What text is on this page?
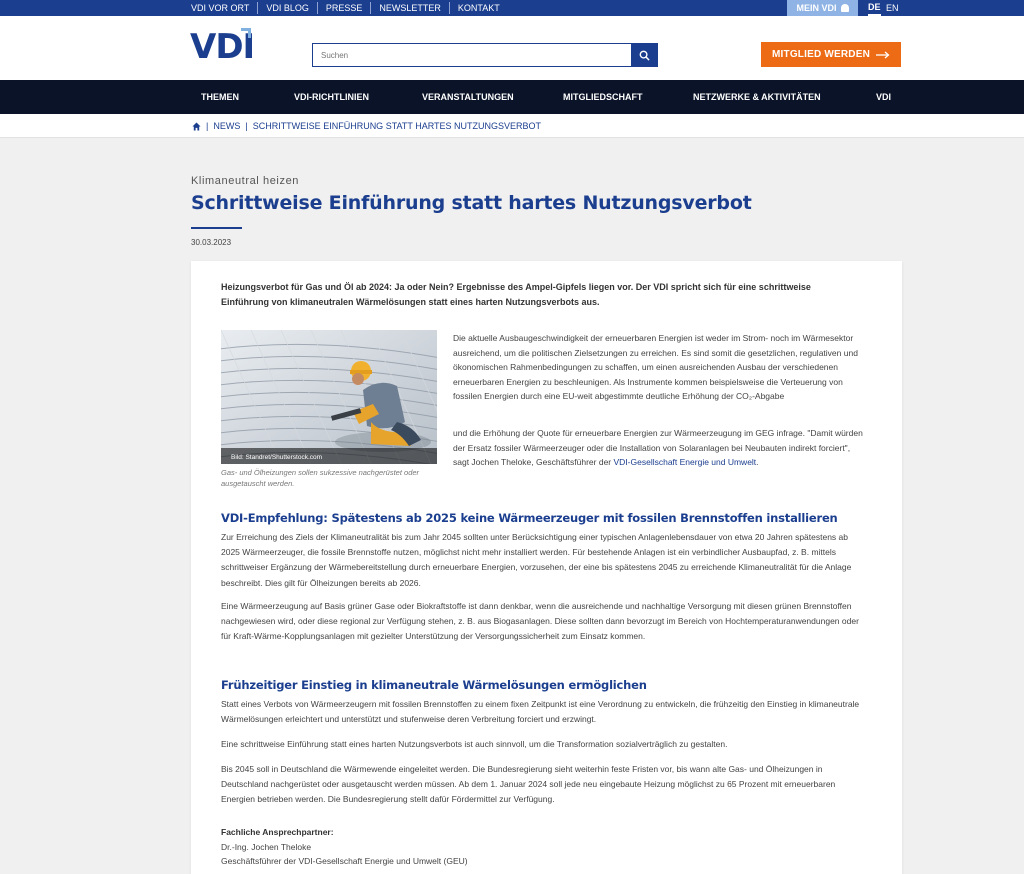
VDI VOR ORT	VDI BLOG	PRESSE	NEWSLETTER	KONTAKT	MEIN VDI	DE EN
VDI
Suchen	MITGLIED WERDEN
THEMEN	VDI-RICHTLINIEN	VERANSTALTUNGEN	MITGLIEDSCHAFT	NETZWERKE & AKTIVITÄTEN	VDI
| NEWS | SCHRITTWEISE EINFÜHRUNG STATT HARTES NUTZUNGSVERBOT
Klimaneutral heizen
Schrittweise Einführung statt hartes Nutzungsverbot
30.03.2023

Heizungsverbot für Gas und Öl ab 2024: Ja oder Nein? Ergebnisse des Ampel-Gipfels liegen vor. Der VDI spricht sich für eine schrittweise Einführung von klimaneutralen Wärmelösungen statt eines harten Nutzungsverbots aus.

Bild: Standret/Shutterstock.com

Gas- und Ölheizungen sollen sukzessive nachgerüstet oder ausgetauscht werden.

Die aktuelle Ausbaugeschwindigkeit der erneuerbaren Energien ist weder im Strom- noch im Wärmesektor ausreichend, um die politischen Zielsetzungen zu erreichen. Es sind somit die gesetzlichen, regulativen und ökonomischen Rahmenbedingungen zu schaffen, um einen ausreichenden Ausbau der verschiedenen erneuerbaren Energien zu beschleunigen. Als Instrumente kommen beispielsweise die Verteuerung von fossilen Energien durch eine EU-weit abgestimmte deutliche Erhöhung der CO₂-Abgabe

und die Erhöhung der Quote für erneuerbare Energien zur Wärmeerzeugung im GEG infrage. "Damit würden der Ersatz fossiler Wärmeerzeuger oder die Installation von Solaranlagen bei Neubauten indirekt forciert", sagt Jochen Theloke, Geschäftsführer der VDI-Gesellschaft Energie und Umwelt.

VDI-Empfehlung: Spätestens ab 2025 keine Wärmeerzeuger mit fossilen Brennstoffen installieren

Zur Erreichung des Ziels der Klimaneutralität bis zum Jahr 2045 sollten unter Berücksichtigung einer typischen Anlagenlebensdauer von etwa 20 Jahren spätestens ab 2025 Wärmeerzeuger, die fossile Brennstoffe nutzen, möglichst nicht mehr installiert werden. Für bestehende Anlagen ist ein verbindlicher Ausbaupfad, z. B. mittels schrittweiser Ergänzung der Wärmebereitstellung durch erneuerbare Energien, vorzusehen, der eine bis spätestens 2045 zu erreichende Klimaneutralität für die Anlage beschreibt. Dies gilt für Ölheizungen bereits ab 2026.

Eine Wärmeerzeugung auf Basis grüner Gase oder Biokraftstoffe ist dann denkbar, wenn die ausreichende und nachhaltige Versorgung mit diesen grünen Brennstoffen nachgewiesen wird, oder diese regional zur Verfügung stehen, z. B. aus Biogasanlagen. Diese sollten dann bevorzugt im Bereich von Hochtemperaturanwendungen oder für Kraft-Wärme-Kopplungsanlagen mit gezielter Unterstützung der Versorgungssicherheit zum Einsatz kommen.

Frühzeitiger Einstieg in klimaneutrale Wärmelösungen ermöglichen

Statt eines Verbots von Wärmeerzeugern mit fossilen Brennstoffen zu einem fixen Zeitpunkt ist eine Verordnung zu entwickeln, die frühzeitig den Einstieg in klimaneutrale Wärmelösungen erleichtert und unterstützt und stufenweise deren Verbreitung forciert und erzwingt.

Eine schrittweise Einführung statt eines harten Nutzungsverbots ist auch sinnvoll, um die Transformation sozialverträglich zu gestalten.

Bis 2045 soll in Deutschland die Wärmewende eingeleitet werden. Die Bundesregierung sieht weiterhin feste Fristen vor, bis wann alte Gas- und Ölheizungen in Deutschland nachgerüstet oder ausgetauscht werden müssen. Ab dem 1. Januar 2024 soll jede neu eingebaute Heizung möglichst zu 65 Prozent mit erneuerbaren Energien betrieben werden. Die Bundesregierung stellt dafür Fördermittel zur Verfügung.

Fachliche Ansprechpartner:
Dr.-Ing. Jochen Theloke
Geschäftsführer der VDI-Gesellschaft Energie und Umwelt (GEU)
